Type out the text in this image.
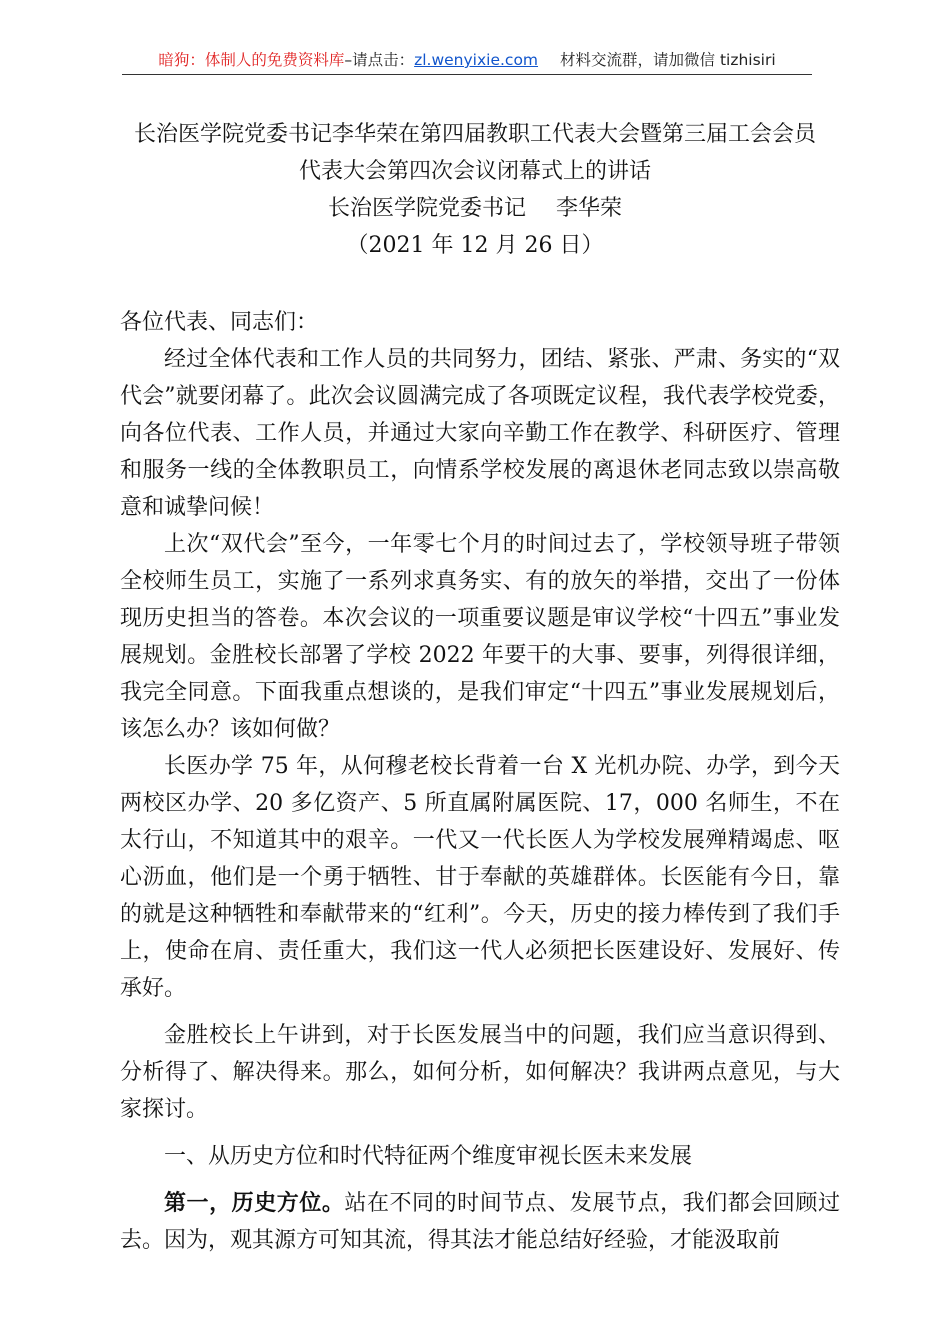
暗狗：体制人的免费资料库–请点击：zl.wenyixie.com 材料交流群，请加微信 tizhisiri
长治医学院党委书记李华荣在第四届教职工代表大会暨第三届工会会员
代表大会第四次会议闭幕式上的讲话
长治医学院党委书记 李华荣
（2021 年 12 月 26 日）

各位代表、同志们：

经过全体代表和工作人员的共同努力，团结、紧张、严肃、务实的“双代会”就要闭幕了。此次会议圆满完成了各项既定议程，我代表学校党委，向各位代表、工作人员，并通过大家向辛勤工作在教学、科研医疗、管理和服务一线的全体教职员工，向情系学校发展的离退休老同志致以崇高敬意和诚挚问候！

上次“双代会”至今，一年零七个月的时间过去了，学校领导班子带领全校师生员工，实施了一系列求真务实、有的放矢的举措，交出了一份体现历史担当的答卷。本次会议的一项重要议题是审议学校“十四五”事业发展规划。金胜校长部署了学校 2022 年要干的大事、要事，列得很详细，我完全同意。下面我重点想谈的，是我们审定“十四五”事业发展规划后，该怎么办？该如何做？

长医办学 75 年，从何穆老校长背着一台 X 光机办院、办学，到今天两校区办学、20 多亿资产、5 所直属附属医院、17，000 名师生，不在太行山，不知道其中的艰辛。一代又一代长医人为学校发展殚精竭虑、呕心沥血，他们是一个勇于牺牲、甘于奉献的英雄群体。长医能有今日，靠的就是这种牺牲和奉献带来的“红利”。今天，历史的接力棒传到了我们手上，使命在肩、责任重大，我们这一代人必须把长医建设好、发展好、传承好。

金胜校长上午讲到，对于长医发展当中的问题，我们应当意识得到、分析得了、解决得来。那么，如何分析，如何解决？我讲两点意见，与大家探讨。

一、从历史方位和时代特征两个维度审视长医未来发展

第一，历史方位。站在不同的时间节点、发展节点，我们都会回顾过去。因为，观其源方可知其流，得其法才能总结好经验，才能汲取前
